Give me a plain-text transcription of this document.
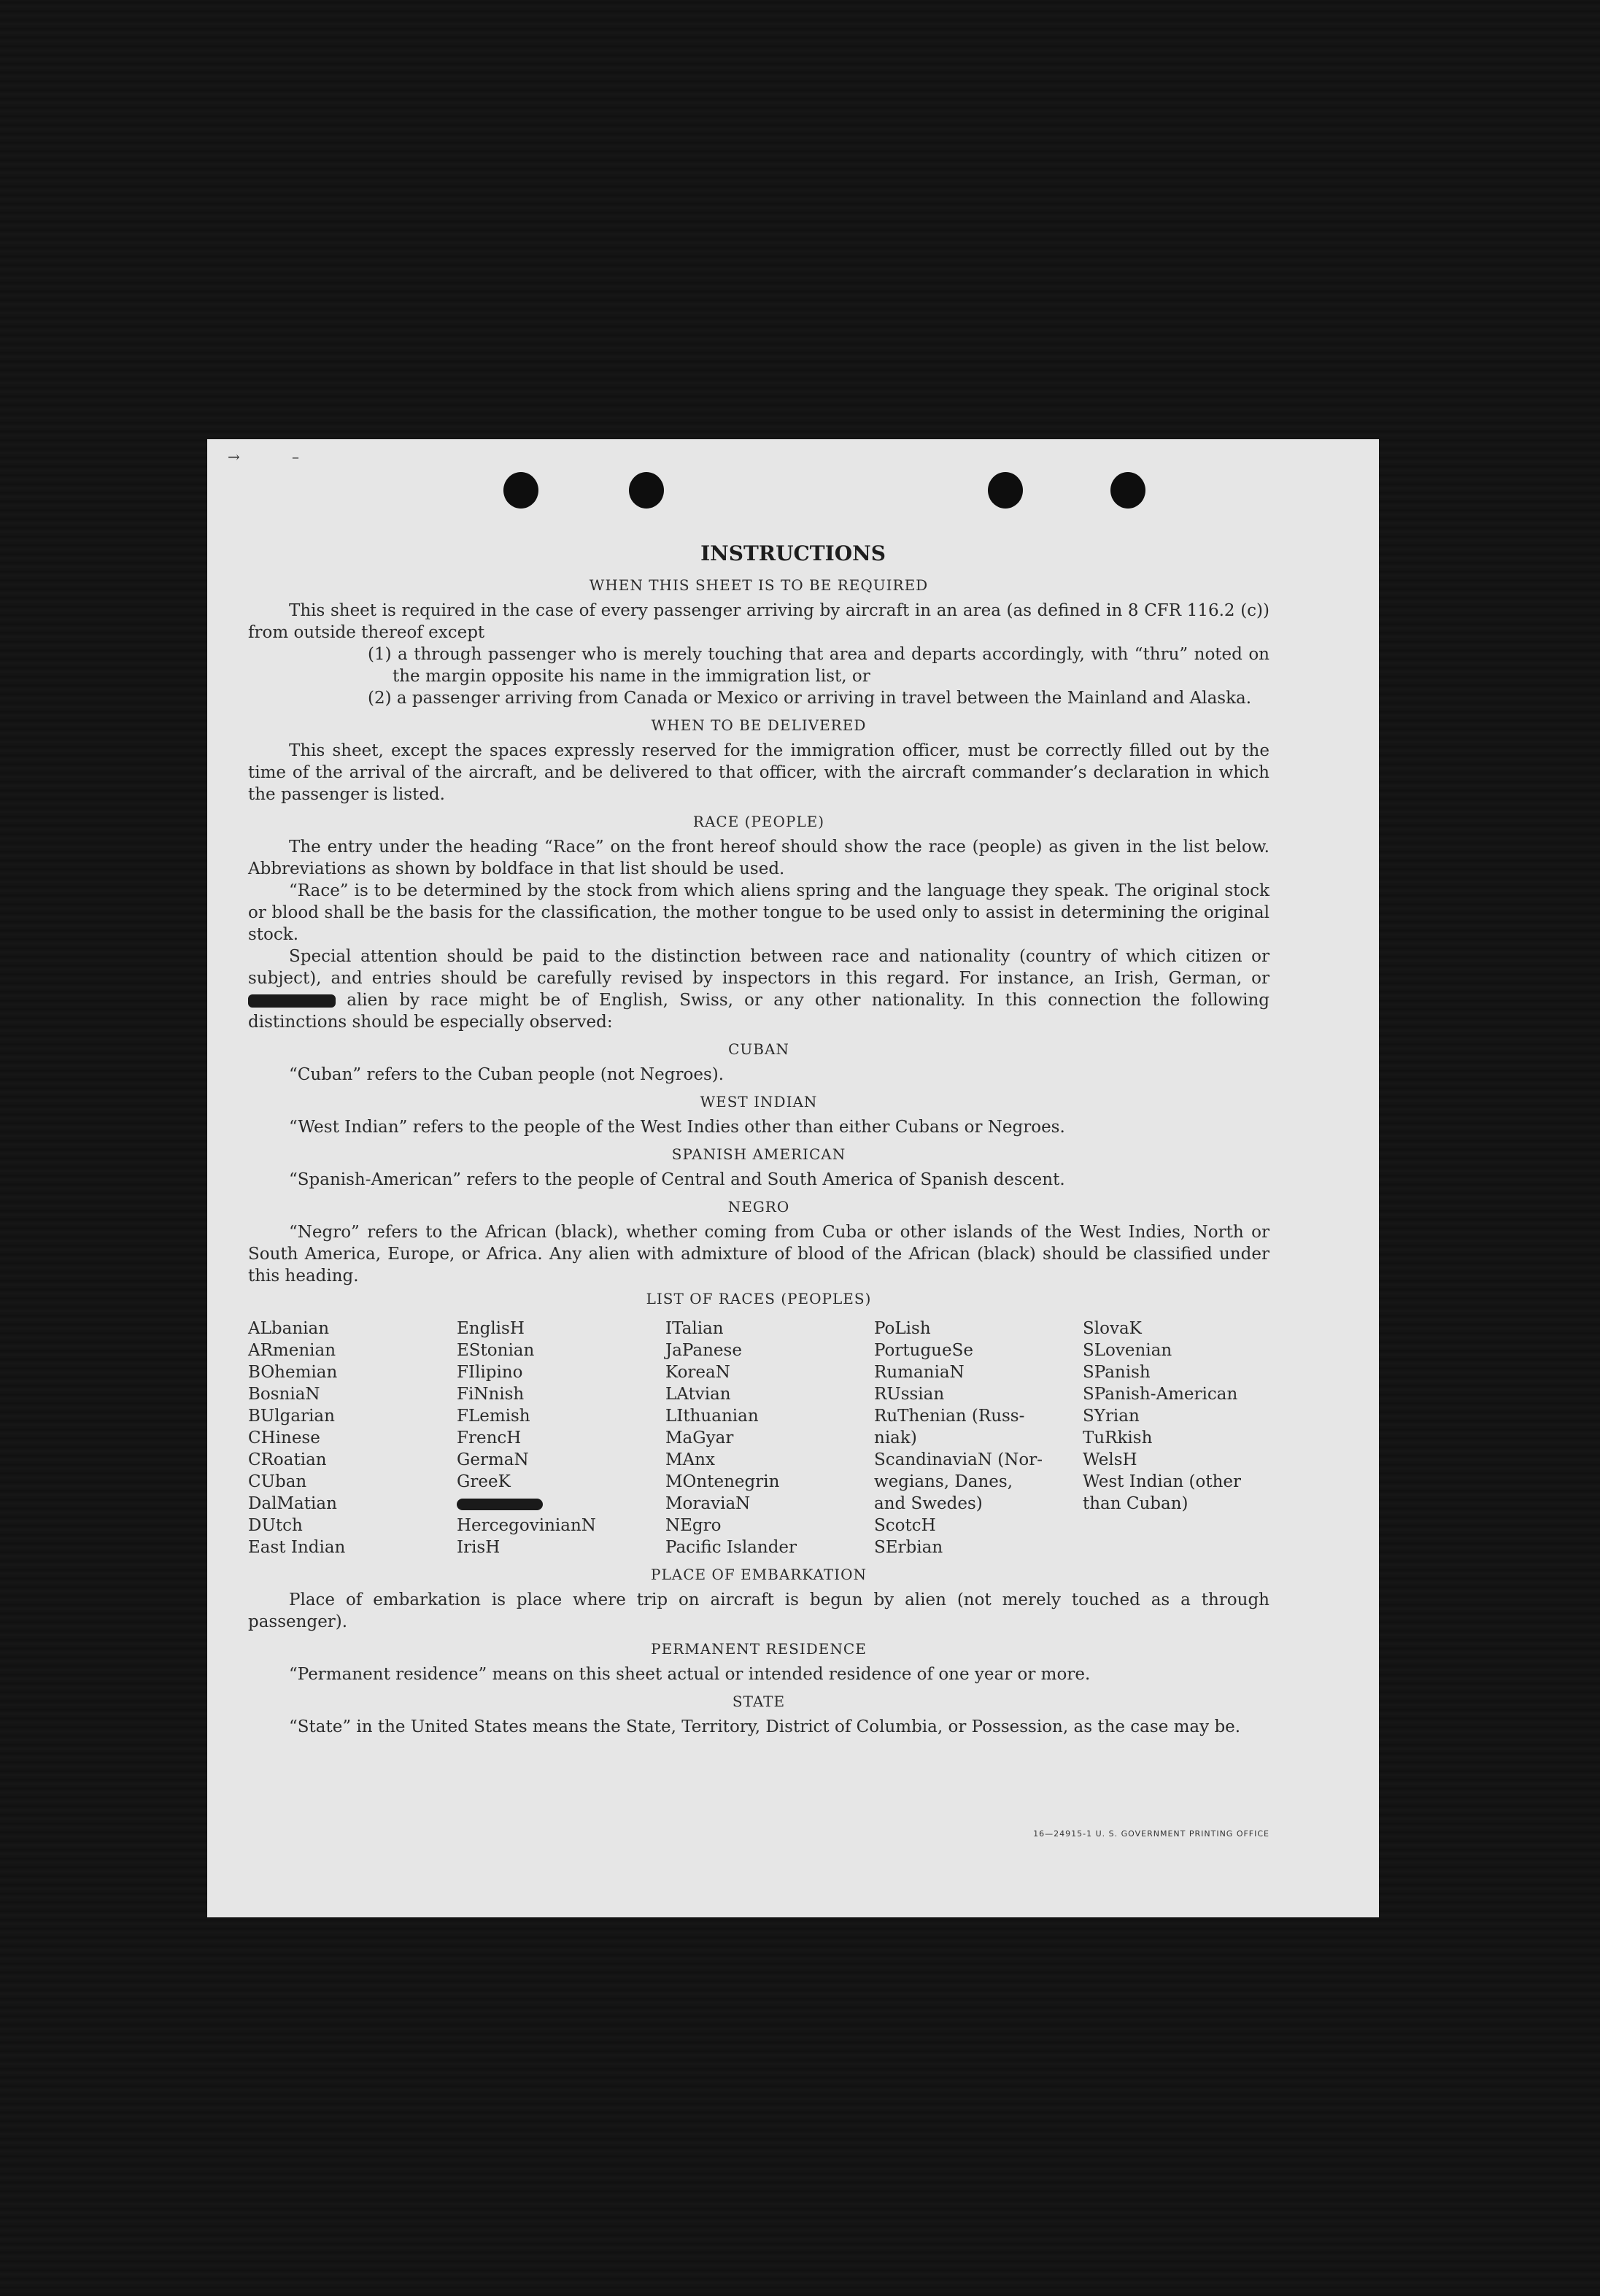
→	–
INSTRUCTIONS
WHEN THIS SHEET IS TO BE REQUIRED
This sheet is required in the case of every passenger arriving by aircraft in an area (as defined in 8 CFR 116.2 (c)) from outside thereof except
(1) a through passenger who is merely touching that area and departs accordingly, with “thru” noted on the margin opposite his name in the immigration list, or
(2) a passenger arriving from Canada or Mexico or arriving in travel between the Mainland and Alaska.
WHEN TO BE DELIVERED
This sheet, except the spaces expressly reserved for the immigration officer, must be correctly filled out by the time of the arrival of the aircraft, and be delivered to that officer, with the aircraft commander’s declaration in which the passenger is listed.
RACE (PEOPLE)
The entry under the heading “Race” on the front hereof should show the race (people) as given in the list below. Abbreviations as shown by boldface in that list should be used.
“Race” is to be determined by the stock from which aliens spring and the language they speak. The original stock or blood shall be the basis for the classification, the mother tongue to be used only to assist in determining the original stock.
Special attention should be paid to the distinction between race and nationality (country of which citizen or subject), and entries should be carefully revised by inspectors in this regard. For instance, an Irish, German, or  alien by race might be of English, Swiss, or any other nationality. In this connection the following distinctions should be especially observed:
CUBAN
“Cuban” refers to the Cuban people (not Negroes).
WEST INDIAN
“West Indian” refers to the people of the West Indies other than either Cubans or Negroes.
SPANISH AMERICAN
“Spanish-American” refers to the people of Central and South America of Spanish descent.
NEGRO
“Negro” refers to the African (black), whether coming from Cuba or other islands of the West Indies, North or South America, Europe, or Africa. Any alien with admixture of blood of the African (black) should be classified under this heading.
LIST OF RACES (PEOPLES)
ALbanian
ARmenian
BOhemian
BosniaN
BUlgarian
CHinese
CRoatian
CUban
DalMatian
DUtch
East Indian
EnglisH
EStonian
FIlipino
FiNnish
FLemish
FrencH
GermaN
GreeK
HercegovinianN
IrisH
ITalian
JaPanese
KoreaN
LAtvian
LIthuanian
MaGyar
MAnx
MOntenegrin
MoraviaN
NEgro
Pacific Islander
PoLish
PortugueSe
RumaniaN
RUssian
RuThenian (Russ-
niak)
ScandinaviaN (Nor-
wegians, Danes,
and Swedes)
ScotcH
SErbian
SlovaK
SLovenian
SPanish
SPanish-American
SYrian
TuRkish
WelsH
West Indian (other
than Cuban)
PLACE OF EMBARKATION
Place of embarkation is place where trip on aircraft is begun by alien (not merely touched as a through passenger).
PERMANENT RESIDENCE
“Permanent residence” means on this sheet actual or intended residence of one year or more.
STATE
“State” in the United States means the State, Territory, District of Columbia, or Possession, as the case may be.
16—24915-1 U. S. GOVERNMENT PRINTING OFFICE
